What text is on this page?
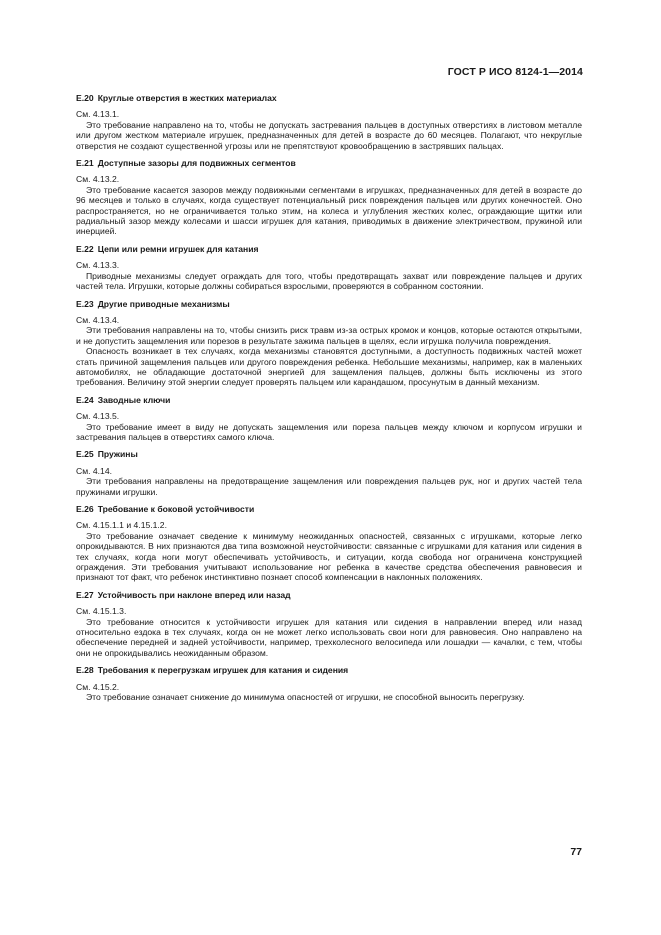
ГОСТ Р ИСО 8124-1—2014
E.20 Круглые отверстия в жестких материалах

См. 4.13.1.

Это требование направлено на то, чтобы не допускать застревания пальцев в доступных отверстиях в листовом металле или другом жестком материале игрушек, предназначенных для детей в возрасте до 60 месяцев. Полагают, что некруглые отверстия не создают существенной угрозы или не препятствуют кровообращению в застрявших пальцах.

E.21 Доступные зазоры для подвижных сегментов

См. 4.13.2.

Это требование касается зазоров между подвижными сегментами в игрушках, предназначенных для детей в возрасте до 96 месяцев и только в случаях, когда существует потенциальный риск повреждения пальцев или других конечностей. Оно распространяется, но не ограничивается только этим, на колеса и углубления жестких колес, ограждающие щитки или радиальный зазор между колесами и шасси игрушек для катания, приводимых в движение электричеством, пружиной или инерцией.

E.22 Цепи или ремни игрушек для катания

См. 4.13.3.

Приводные механизмы следует ограждать для того, чтобы предотвращать захват или повреждение пальцев и других частей тела. Игрушки, которые должны собираться взрослыми, проверяются в собранном состоянии.

E.23 Другие приводные механизмы

См. 4.13.4.

Эти требования направлены на то, чтобы снизить риск травм из-за острых кромок и концов, которые остаются открытыми, и не допустить защемления или порезов в результате зажима пальцев в щелях, если игрушка получила повреждения.

Опасность возникает в тех случаях, когда механизмы становятся доступными, а доступность подвижных частей может стать причиной защемления пальцев или другого повреждения ребенка. Небольшие механизмы, например, как в маленьких автомобилях, не обладающие достаточной энергией для защемления пальцев, должны быть исключены из этого требования. Величину этой энергии следует проверять пальцем или карандашом, просунутым в данный механизм.

E.24 Заводные ключи

См. 4.13.5.

Это требование имеет в виду не допускать защемления или пореза пальцев между ключом и корпусом игрушки и застревания пальцев в отверстиях самого ключа.

E.25 Пружины

См. 4.14.

Эти требования направлены на предотвращение защемления или повреждения пальцев рук, ног и других частей тела пружинами игрушки.

E.26 Требование к боковой устойчивости

См. 4.15.1.1 и 4.15.1.2.

Это требование означает сведение к минимуму неожиданных опасностей, связанных с игрушками, которые легко опрокидываются. В них признаются два типа возможной неустойчивости: связанные с игрушками для катания или сидения в тех случаях, когда ноги могут обеспечивать устойчивость, и ситуации, когда свобода ног ограничена конструкцией ограждения. Эти требования учитывают использование ног ребенка в качестве средства обеспечения равновесия и признают тот факт, что ребенок инстинктивно познает способ компенсации в наклонных положениях.

E.27 Устойчивость при наклоне вперед или назад

См. 4.15.1.3.

Это требование относится к устойчивости игрушек для катания или сидения в направлении вперед или назад относительно ездока в тех случаях, когда он не может легко использовать свои ноги для равновесия. Оно направлено на обеспечение передней и задней устойчивости, например, трехколесного велосипеда или лошадки — качалки, с тем, чтобы они не опрокидывались неожиданным образом.

E.28 Требования к перегрузкам игрушек для катания и сидения

См. 4.15.2.

Это требование означает снижение до минимума опасностей от игрушки, не способной выносить перегрузку.

77
